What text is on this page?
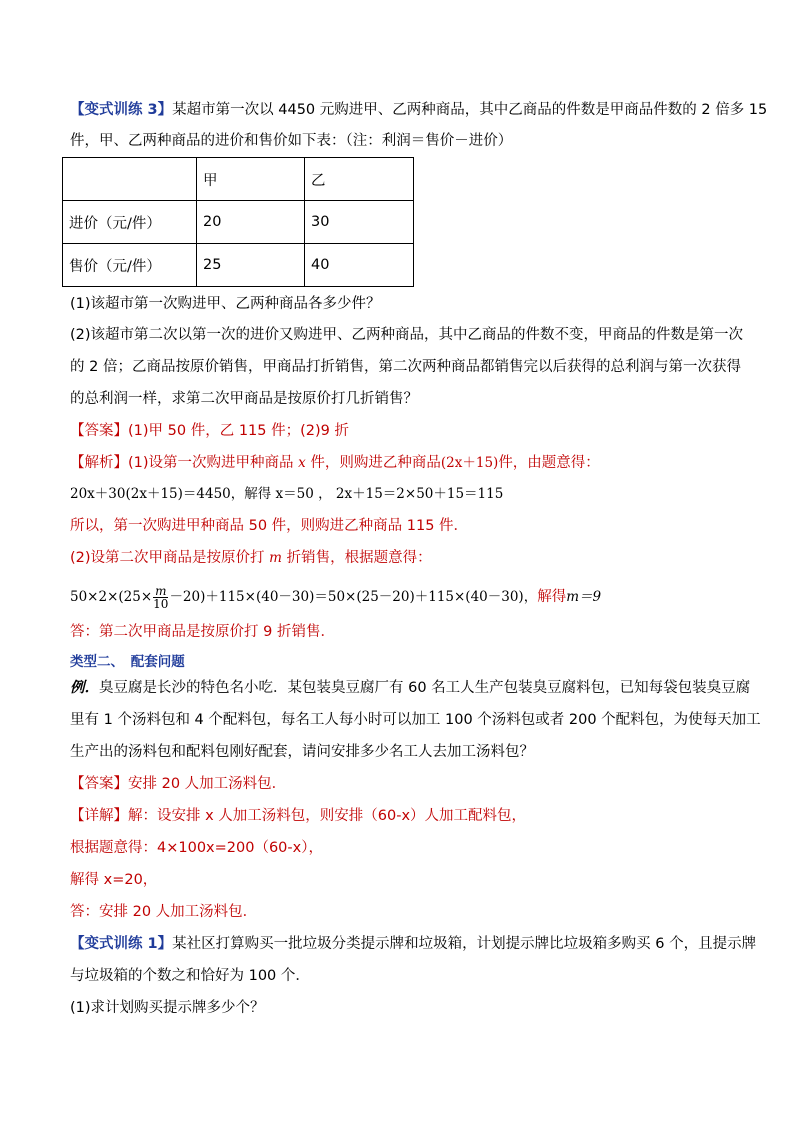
【变式训练 3】某超市第一次以 4450 元购进甲、乙两种商品，其中乙商品的件数是甲商品件数的 2 倍多 15
件，甲、乙两种商品的进价和售价如下表：（注：利润＝售价－进价）
	甲	乙
进价（元/件）	20	30
售价（元/件）	25	40
(1)该超市第一次购进甲、乙两种商品各多少件？
(2)该超市第二次以第一次的进价又购进甲、乙两种商品，其中乙商品的件数不变，甲商品的件数是第一次
的 2 倍；乙商品按原价销售，甲商品打折销售，第二次两种商品都销售完以后获得的总利润与第一次获得
的总利润一样，求第二次甲商品是按原价打几折销售？
【答案】(1)甲 50 件，乙 115 件；(2)9 折
【解析】(1)设第一次购进甲种商品 x 件，则购进乙种商品(2x＋15)件，由题意得：
20x＋30(2x＋15)＝4450，解得 x＝50 ， 2x＋15＝2×50＋15＝115
所以，第一次购进甲种商品 50 件，则购进乙种商品 115 件．
(2)设第二次甲商品是按原价打 m 折销售，根据题意得：
$50\times 2\times(25\times \frac{m}{10} -20)+115\times(40-30)=50\times(25-20)+115\times(40-30)$，解得m＝9
答：第二次甲商品是按原价打 9 折销售．
类型二、　配套问题
例．臭豆腐是长沙的特色名小吃．某包装臭豆腐厂有 60 名工人生产包装臭豆腐料包，已知每袋包装臭豆腐
里有 1 个汤料包和 4 个配料包，每名工人每小时可以加工 100 个汤料包或者 200 个配料包，为使每天加工
生产出的汤料包和配料包刚好配套，请问安排多少名工人去加工汤料包？
【答案】安排 20 人加工汤料包．
【详解】解：设安排 x 人加工汤料包，则安排（60-x）人加工配料包，
根据题意得：4×100x=200（60-x），
解得 x=20，
答：安排 20 人加工汤料包．
【变式训练 1】某社区打算购买一批垃圾分类提示牌和垃圾箱，计划提示牌比垃圾箱多购买 6 个，且提示牌
与垃圾箱的个数之和恰好为 100 个．
(1)求计划购买提示牌多少个？
